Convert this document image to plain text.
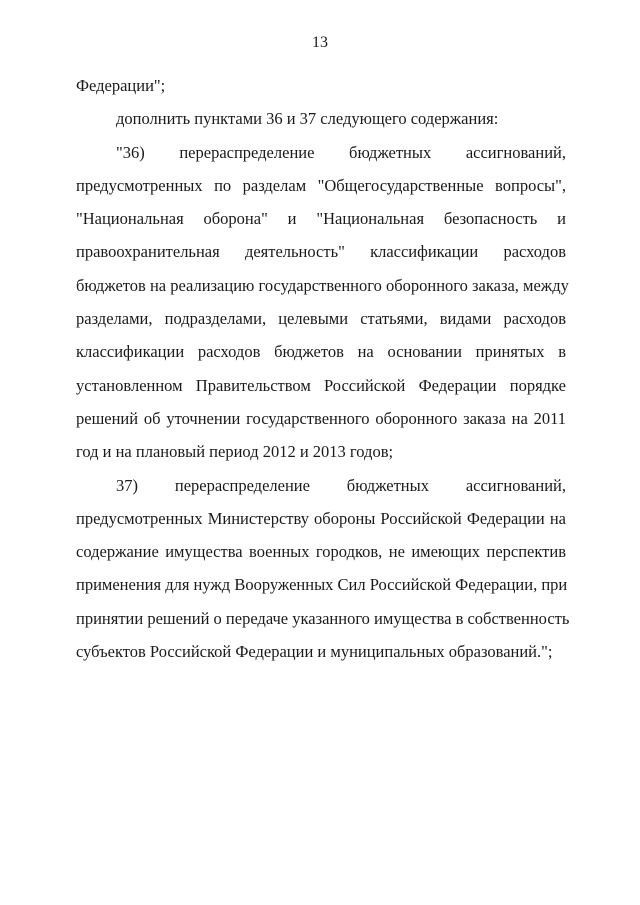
13
Федерации";
дополнить пунктами 36 и 37 следующего содержания:
"36) перераспределение бюджетных ассигнований,
предусмотренных по разделам "Общегосударственные вопросы",
"Национальная оборона" и "Национальная безопасность и
правоохранительная деятельность" классификации расходов
бюджетов на реализацию государственного оборонного заказа, между
разделами, подразделами, целевыми статьями, видами расходов
классификации расходов бюджетов на основании принятых в
установленном Правительством Российской Федерации порядке
решений об уточнении государственного оборонного заказа на 2011
год и на плановый период 2012 и 2013 годов;
37) перераспределение бюджетных ассигнований,
предусмотренных Министерству обороны Российской Федерации на
содержание имущества военных городков, не имеющих перспектив
применения для нужд Вооруженных Сил Российской Федерации, при
принятии решений о передаче указанного имущества в собственность
субъектов Российской Федерации и муниципальных образований.";
